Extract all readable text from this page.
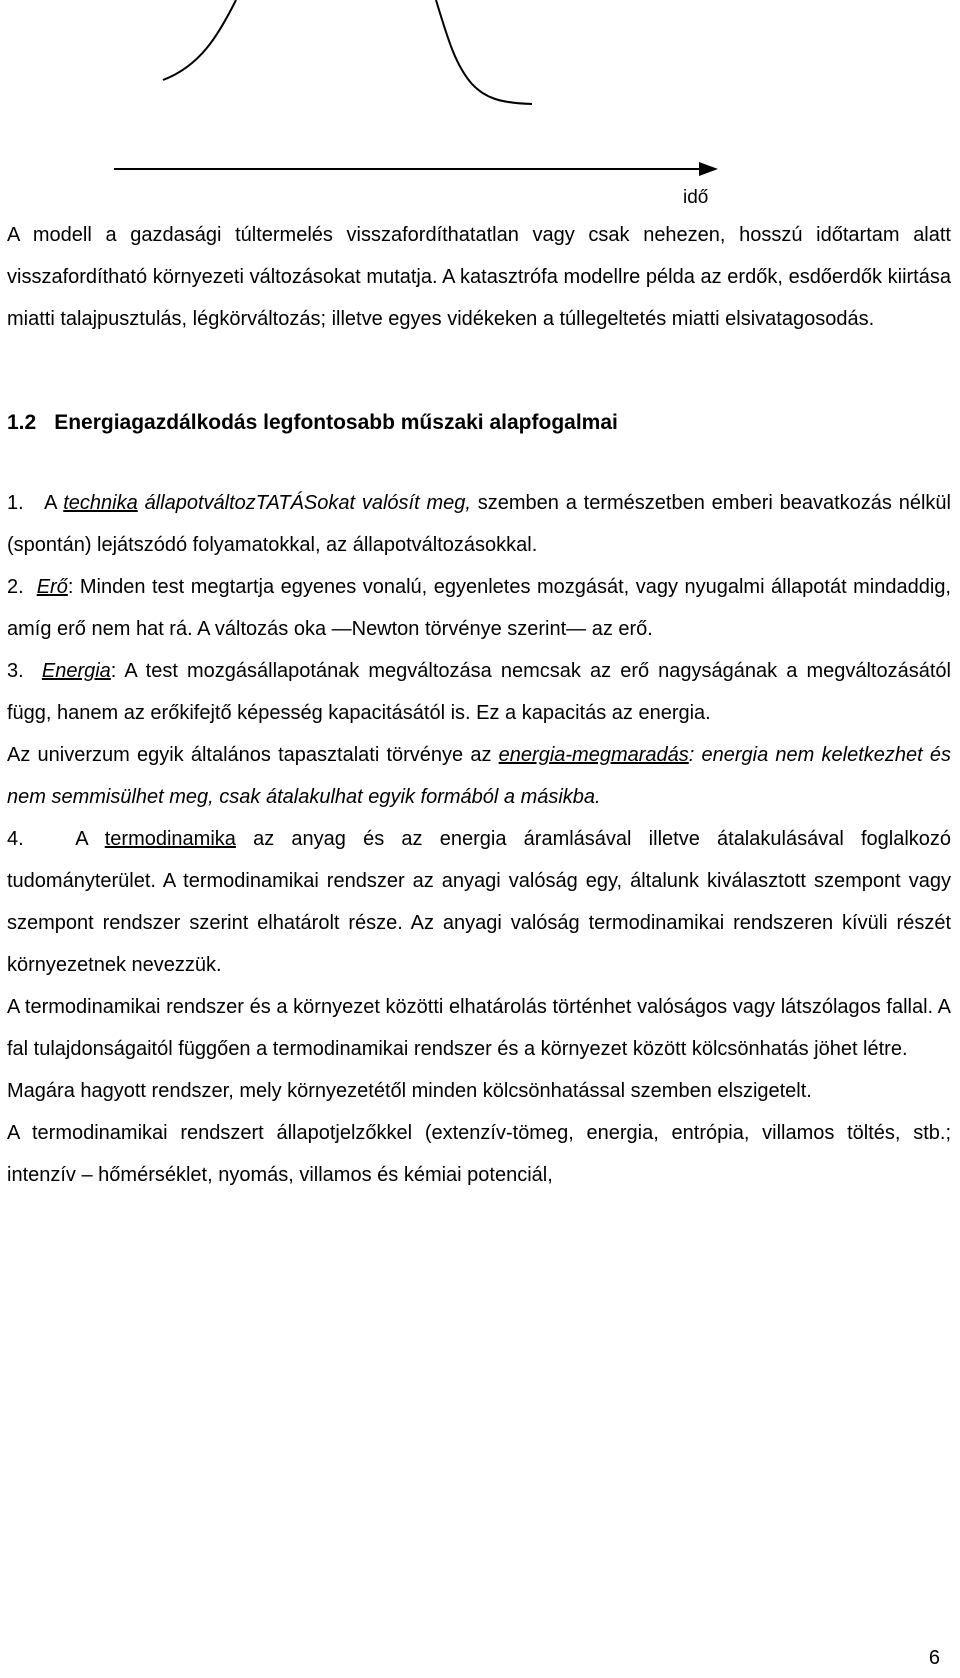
idő

A modell a gazdasági túltermelés visszafordíthatatlan vagy csak nehezen, hosszú időtartam alatt visszafordítható környezeti változásokat mutatja. A katasztrófa modellre példa az erdők, esdőerdők kiirtása miatti talajpusztulás, légkörváltozás; illetve egyes vidékeken a túllegeltetés miatti elsivatagosodás.

1.2 Energiagazdálkodás legfontosabb műszaki alapfogalmai

1. A technika állapotváltozTATÁSokat valósít meg, szemben a természetben emberi beavatkozás nélkül (spontán) lejátszódó folyamatokkal, az állapotváltozásokkal.

2. Erő: Minden test megtartja egyenes vonalú, egyenletes mozgását, vagy nyugalmi állapotát mindaddig, amíg erő nem hat rá. A változás oka —Newton törvénye szerint— az erő.

3. Energia: A test mozgásállapotának megváltozása nemcsak az erő nagyságának a megváltozásától függ, hanem az erőkifejtő képesség kapacitásától is. Ez a kapacitás az energia.

Az univerzum egyik általános tapasztalati törvénye az energia-megmaradás: energia nem keletkezhet és nem semmisülhet meg, csak átalakulhat egyik formából a másikba.

4.	A termodinamika az anyag és az energia áramlásával illetve átalakulásával foglalkozó tudományterület. A termodinamikai rendszer az anyagi valóság egy, általunk kiválasztott szempont vagy szempont rendszer szerint elhatárolt része. Az anyagi valóság termodinamikai rendszeren kívüli részét környezetnek nevezzük.

A termodinamikai rendszer és a környezet közötti elhatárolás történhet valóságos vagy látszólagos fallal. A fal tulajdonságaitól függően a termodinamikai rendszer és a környezet között kölcsönhatás jöhet létre.

Magára hagyott rendszer, mely környezetétől minden kölcsönhatással szemben elszigetelt.

A termodinamikai rendszert állapotjelzőkkel (extenzív-tömeg, energia, entrópia, villamos töltés, stb.; intenzív – hőmérséklet, nyomás, villamos és kémiai potenciál,

6
